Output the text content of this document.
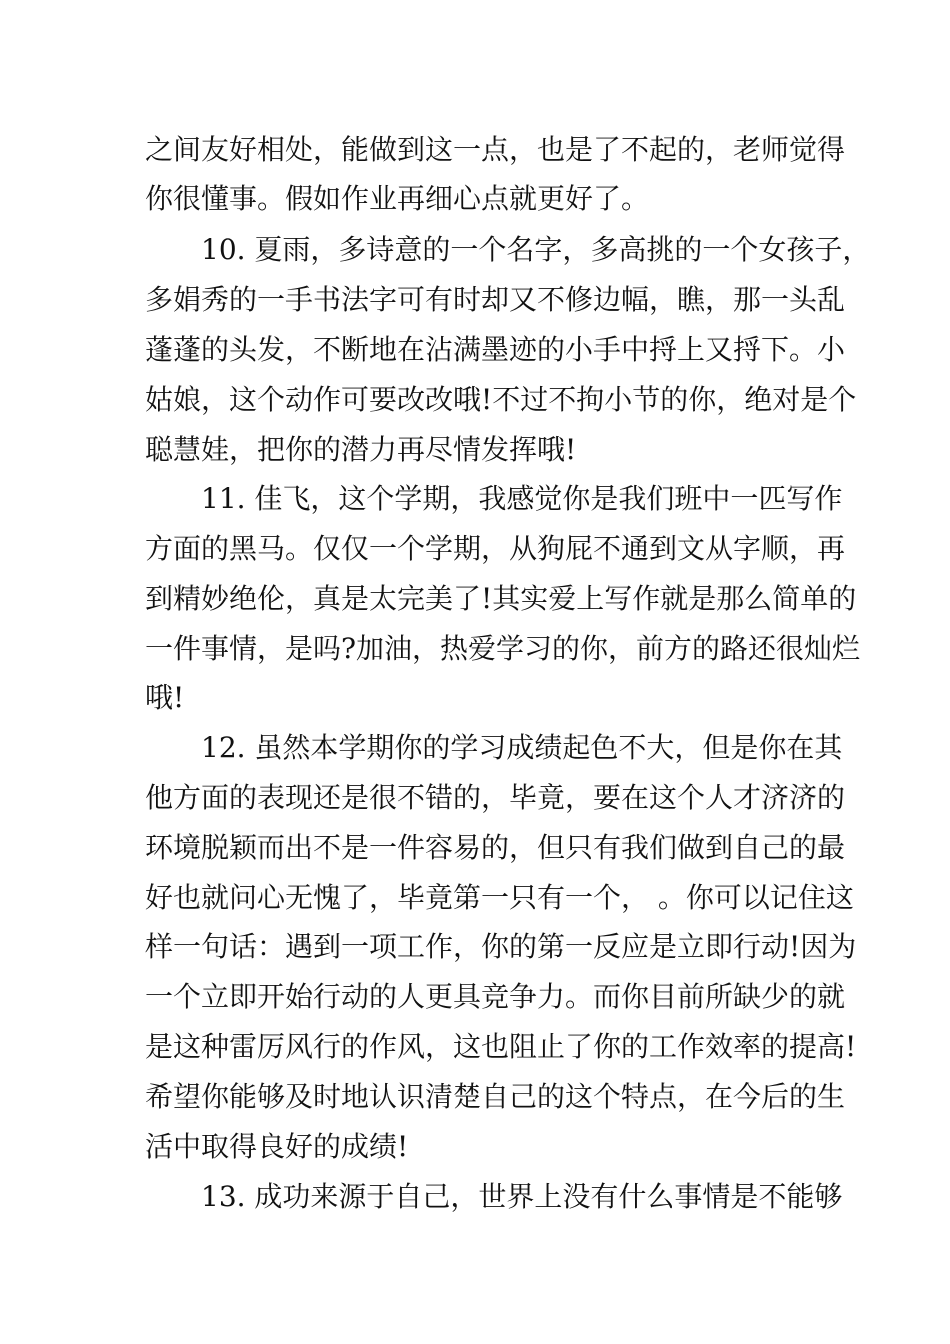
之间友好相处，能做到这一点，也是了不起的，老师觉得
你很懂事。假如作业再细心点就更好了。
10. 夏雨，多诗意的一个名字，多高挑的一个女孩子，
多娟秀的一手书法字可有时却又不修边幅，瞧，那一头乱
蓬蓬的头发，不断地在沾满墨迹的小手中捋上又捋下。小
姑娘，这个动作可要改改哦!不过不拘小节的你，绝对是个
聪慧娃，把你的潜力再尽情发挥哦!
11. 佳飞，这个学期，我感觉你是我们班中一匹写作
方面的黑马。仅仅一个学期，从狗屁不通到文从字顺，再
到精妙绝伦，真是太完美了!其实爱上写作就是那么简单的
一件事情，是吗?加油，热爱学习的你，前方的路还很灿烂
哦!
12. 虽然本学期你的学习成绩起色不大，但是你在其
他方面的表现还是很不错的，毕竟，要在这个人才济济的
环境脱颖而出不是一件容易的，但只有我们做到自己的最
好也就问心无愧了，毕竟第一只有一个， 。你可以记住这
样一句话：遇到一项工作，你的第一反应是立即行动!因为
一个立即开始行动的人更具竞争力。而你目前所缺少的就
是这种雷厉风行的作风，这也阻止了你的工作效率的提高!
希望你能够及时地认识清楚自己的这个特点，在今后的生
活中取得良好的成绩!
13. 成功来源于自己，世界上没有什么事情是不能够
